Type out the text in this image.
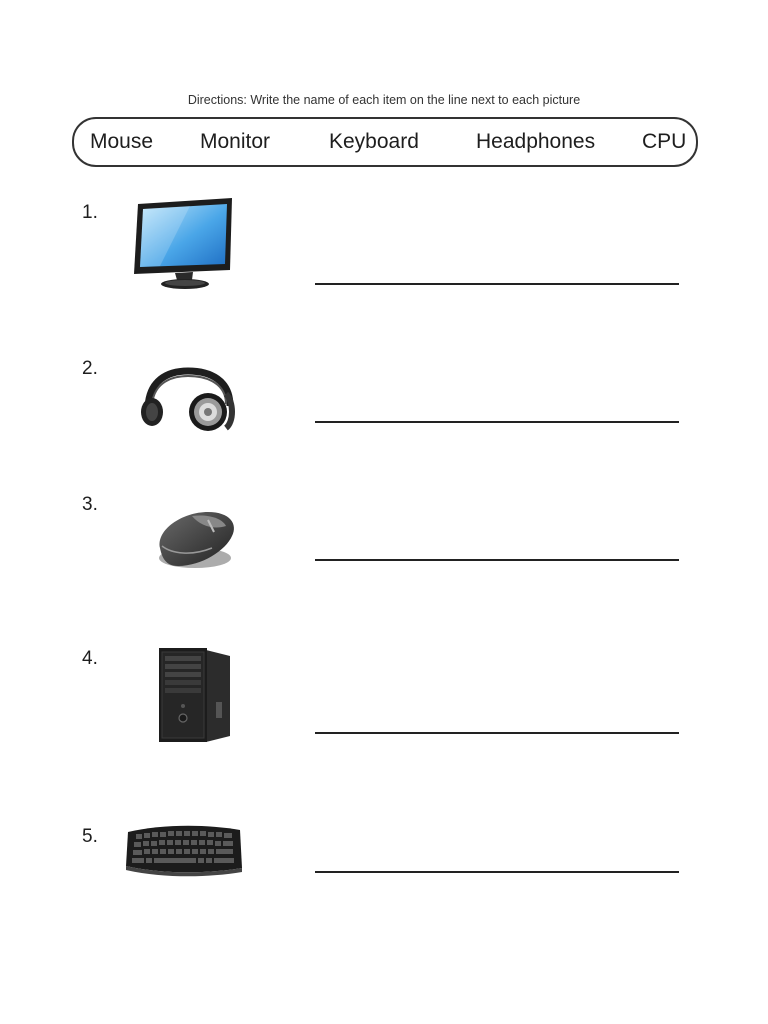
Directions: Write the name of each item on the line next to each picture
Mouse Monitor	Keyboard	Headphones CPU
1.
2.
3.
4.
5.
